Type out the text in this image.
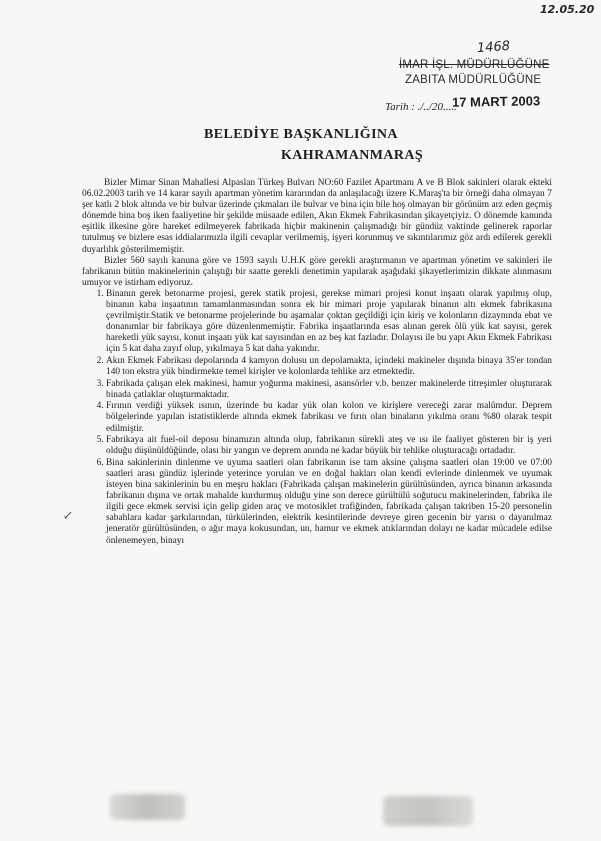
12.05.20
1468
İMAR İŞL. MÜDÜRLÜĞÜNE
ZABITA MÜDÜRLÜĞÜNE
Tarih : ./../20.....
17 MART 2003
BELEDİYE BAŞKANLIĞINA
KAHRAMANMARAŞ

Bizler Mimar Sinan Mahallesi Alpaslan Türkeş Bulvarı NO:60 Fazilet Apartmanı A ve B Blok sakinleri olarak ekteki 06.02.2003 tarih ve 14 karar sayılı apartman yönetim kararından da anlaşılacağı üzere K.Maraş'ta bir örneği daha olmayan 7 şer katlı 2 blok altında ve bir bulvar üzerinde çıkmaları ile bulvar ve bina için bile hoş olmayan bir görünüm arz eden geçmiş dönemde bina boş iken faaliyetine bir şekilde müsaade edilen, Akın Ekmek Fabrikasından şikayetçiyiz. O dönemde kanunda eşitlik ilkesine göre hareket edilmeyerek fabrikada hiçbir makinenin çalışmadığı bir gündüz vaktinde gelinerek raporlar tutulmuş ve bizlere esas iddialarımızla ilgili cevaplar verilmemiş, işyeri korunmuş ve sıkıntılarımız göz ardı edilerek gerekli duyarlılık gösterilmemiştir.

Bizler 560 sayılı kanuna göre ve 1593 sayılı U.H.K göre gerekli araştırmanın ve apartman yönetim ve sakinleri ile fabrikanın bütün makinelerinin çalıştığı bir saatte gerekli denetimin yapılarak aşağıdaki şikayetlerimizin dikkate alınmasını umuyor ve istirham ediyoruz.

1. Binanın gerek betonarme projesi, gerek statik projesi, gerekse mimari projesi konut inşaatı olarak yapılmış olup, binanın kaba inşaatının tamamlanmasından sonra ek bir mimari proje yapılarak binanın altı ekmek fabrikasına çevrilmiştir.Statik ve betonarme projelerinde bu aşamalar çoktan geçildiği için kiriş ve kolonların dizaynında ebat ve donanımlar bir fabrikaya göre düzenlenmemiştir. Fabrika inşaatlarında esas alınan gerek ölü yük kat sayısı, gerek hareketli yük sayısı, konut inşaatı yük kat sayısından en az beş kat fazladır. Dolayısı ile bu yapı Akın Ekmek Fabrikası için 5 kat daha zayıf olup, yıkılmaya 5 kat daha yakındır.
2. Akın Ekmek Fabrikası depolarında 4 kamyon dolusu un depolamakta, içindeki makineler dışında binaya 35'er tondan 140 ton ekstra yük bindirmekte temel kirişler ve kolonlarda tehlike arz etmektedir.
3. Fabrikada çalışan elek makinesi, hamur yoğurma makinesi, asansörler v.b. benzer makinelerde titreşimler oluşturarak binada çatlaklar oluşturmaktadır.
4. Fırının verdiği yüksek ısının, üzerinde bu kadar yük olan kolon ve kirişlere vereceği zarar malûmdur. Deprem bölgelerinde yapılan istatistiklerde altında ekmek fabrikası ve fırın olan binaların yıkılma oranı %80 olarak tespit edilmiştir.
5. Fabrikaya ait fuel-oil deposu binamızın altında olup, fabrikanın sürekli ateş ve ısı ile faaliyet gösteren bir iş yeri olduğu düşünüldüğünde, olası bir yangın ve deprem anında ne kadar büyük bir tehlike oluşturacağı ortadadır.
6. Bina sakinlerinin dinlenme ve uyuma saatleri olan fabrikanın ise tam aksine çalışma saatleri olan 19:00 ve 07:00 saatleri arası gündüz işlerinde yeterince yorulan ve en doğal hakları olan kendi evlerinde dinlenmek ve uyumak isteyen bina sakinlerinin bu en meşru hakları (Fabrikada çalışan makinelerin gürültüsünden, ayrıca binanın arkasında fabrikanın dışına ve ortak mahalde kurdurmuş olduğu yine son derece gürültülü soğutucu makinelerinden, fabrika ile ilgili gece ekmek servisi için gelip giden araç ve motosiklet trafiğinden, fabrikada çalışan takriben 15-20 personelin sabahlara kadar şarkılarından, türkülerinden, elektrik kesintilerinde devreye giren gecenin bir yarısı o dayanılmaz jeneratör gürültüsünden, o ağır maya kokusundan, un, hamur ve ekmek atıklarından dolayı ne kadar mücadele edilse önlenemeyen, binayı
↙
